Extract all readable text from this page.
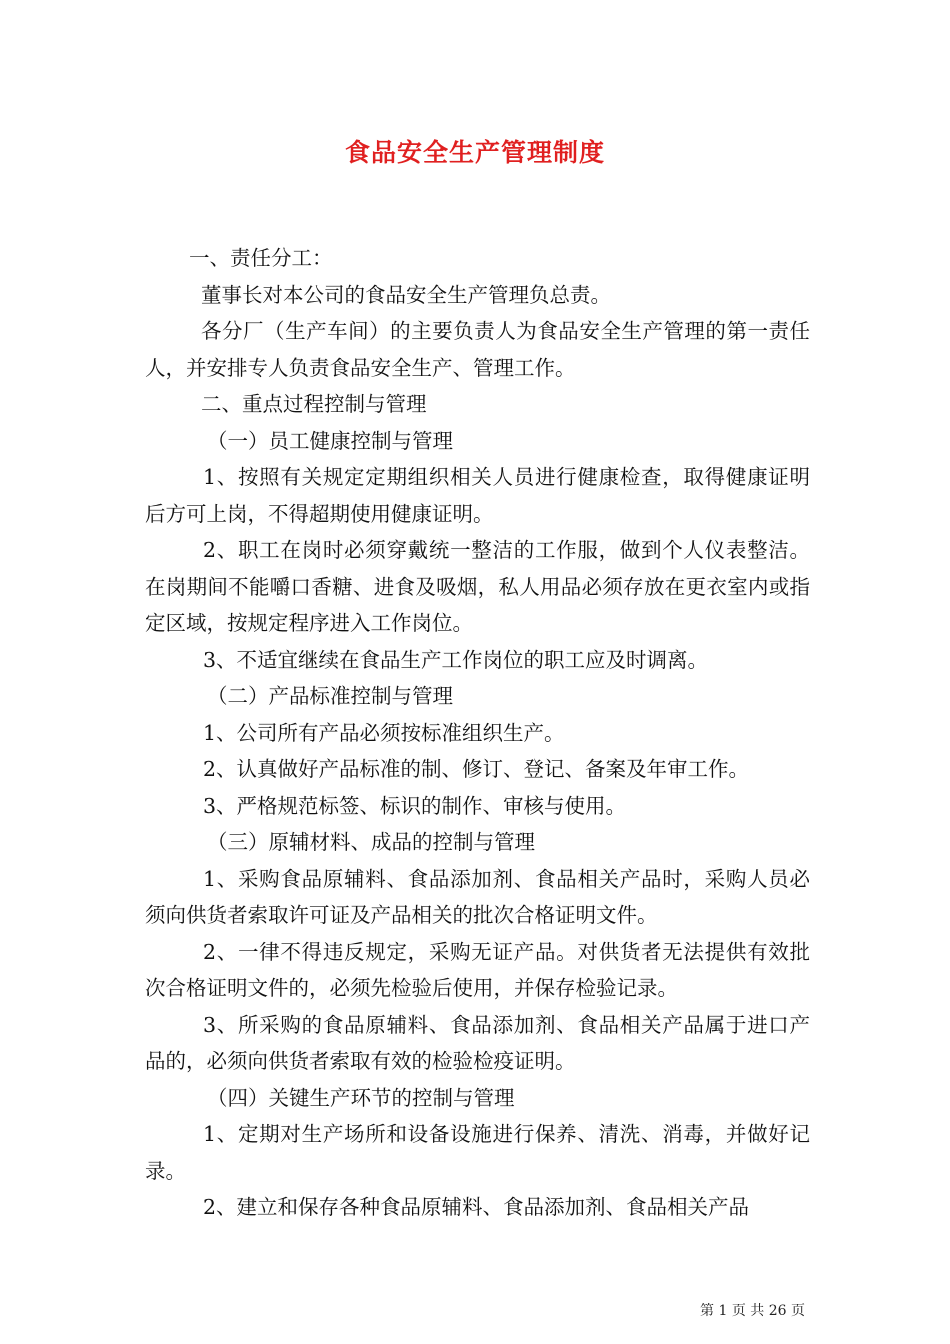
食品安全生产管理制度

一、责任分工：

董事长对本公司的食品安全生产管理负总责。

各分厂（生产车间）的主要负责人为食品安全生产管理的第一责任人，并安排专人负责食品安全生产、管理工作。

二、重点过程控制与管理

（一）员工健康控制与管理

1、按照有关规定定期组织相关人员进行健康检查，取得健康证明后方可上岗，不得超期使用健康证明。

2、职工在岗时必须穿戴统一整洁的工作服，做到个人仪表整洁。在岗期间不能嚼口香糖、进食及吸烟，私人用品必须存放在更衣室内或指定区域，按规定程序进入工作岗位。

3、不适宜继续在食品生产工作岗位的职工应及时调离。

（二）产品标准控制与管理

1、公司所有产品必须按标准组织生产。

2、认真做好产品标准的制、修订、登记、备案及年审工作。

3、严格规范标签、标识的制作、审核与使用。

（三）原辅材料、成品的控制与管理

1、采购食品原辅料、食品添加剂、食品相关产品时，采购人员必须向供货者索取许可证及产品相关的批次合格证明文件。

2、一律不得违反规定，采购无证产品。对供货者无法提供有效批次合格证明文件的，必须先检验后使用，并保存检验记录。

3、所采购的食品原辅料、食品添加剂、食品相关产品属于进口产品的，必须向供货者索取有效的检验检疫证明。

（四）关键生产环节的控制与管理

1、定期对生产场所和设备设施进行保养、清洗、消毒，并做好记录。

2、建立和保存各种食品原辅料、食品添加剂、食品相关产品

第 1 页 共 26 页
